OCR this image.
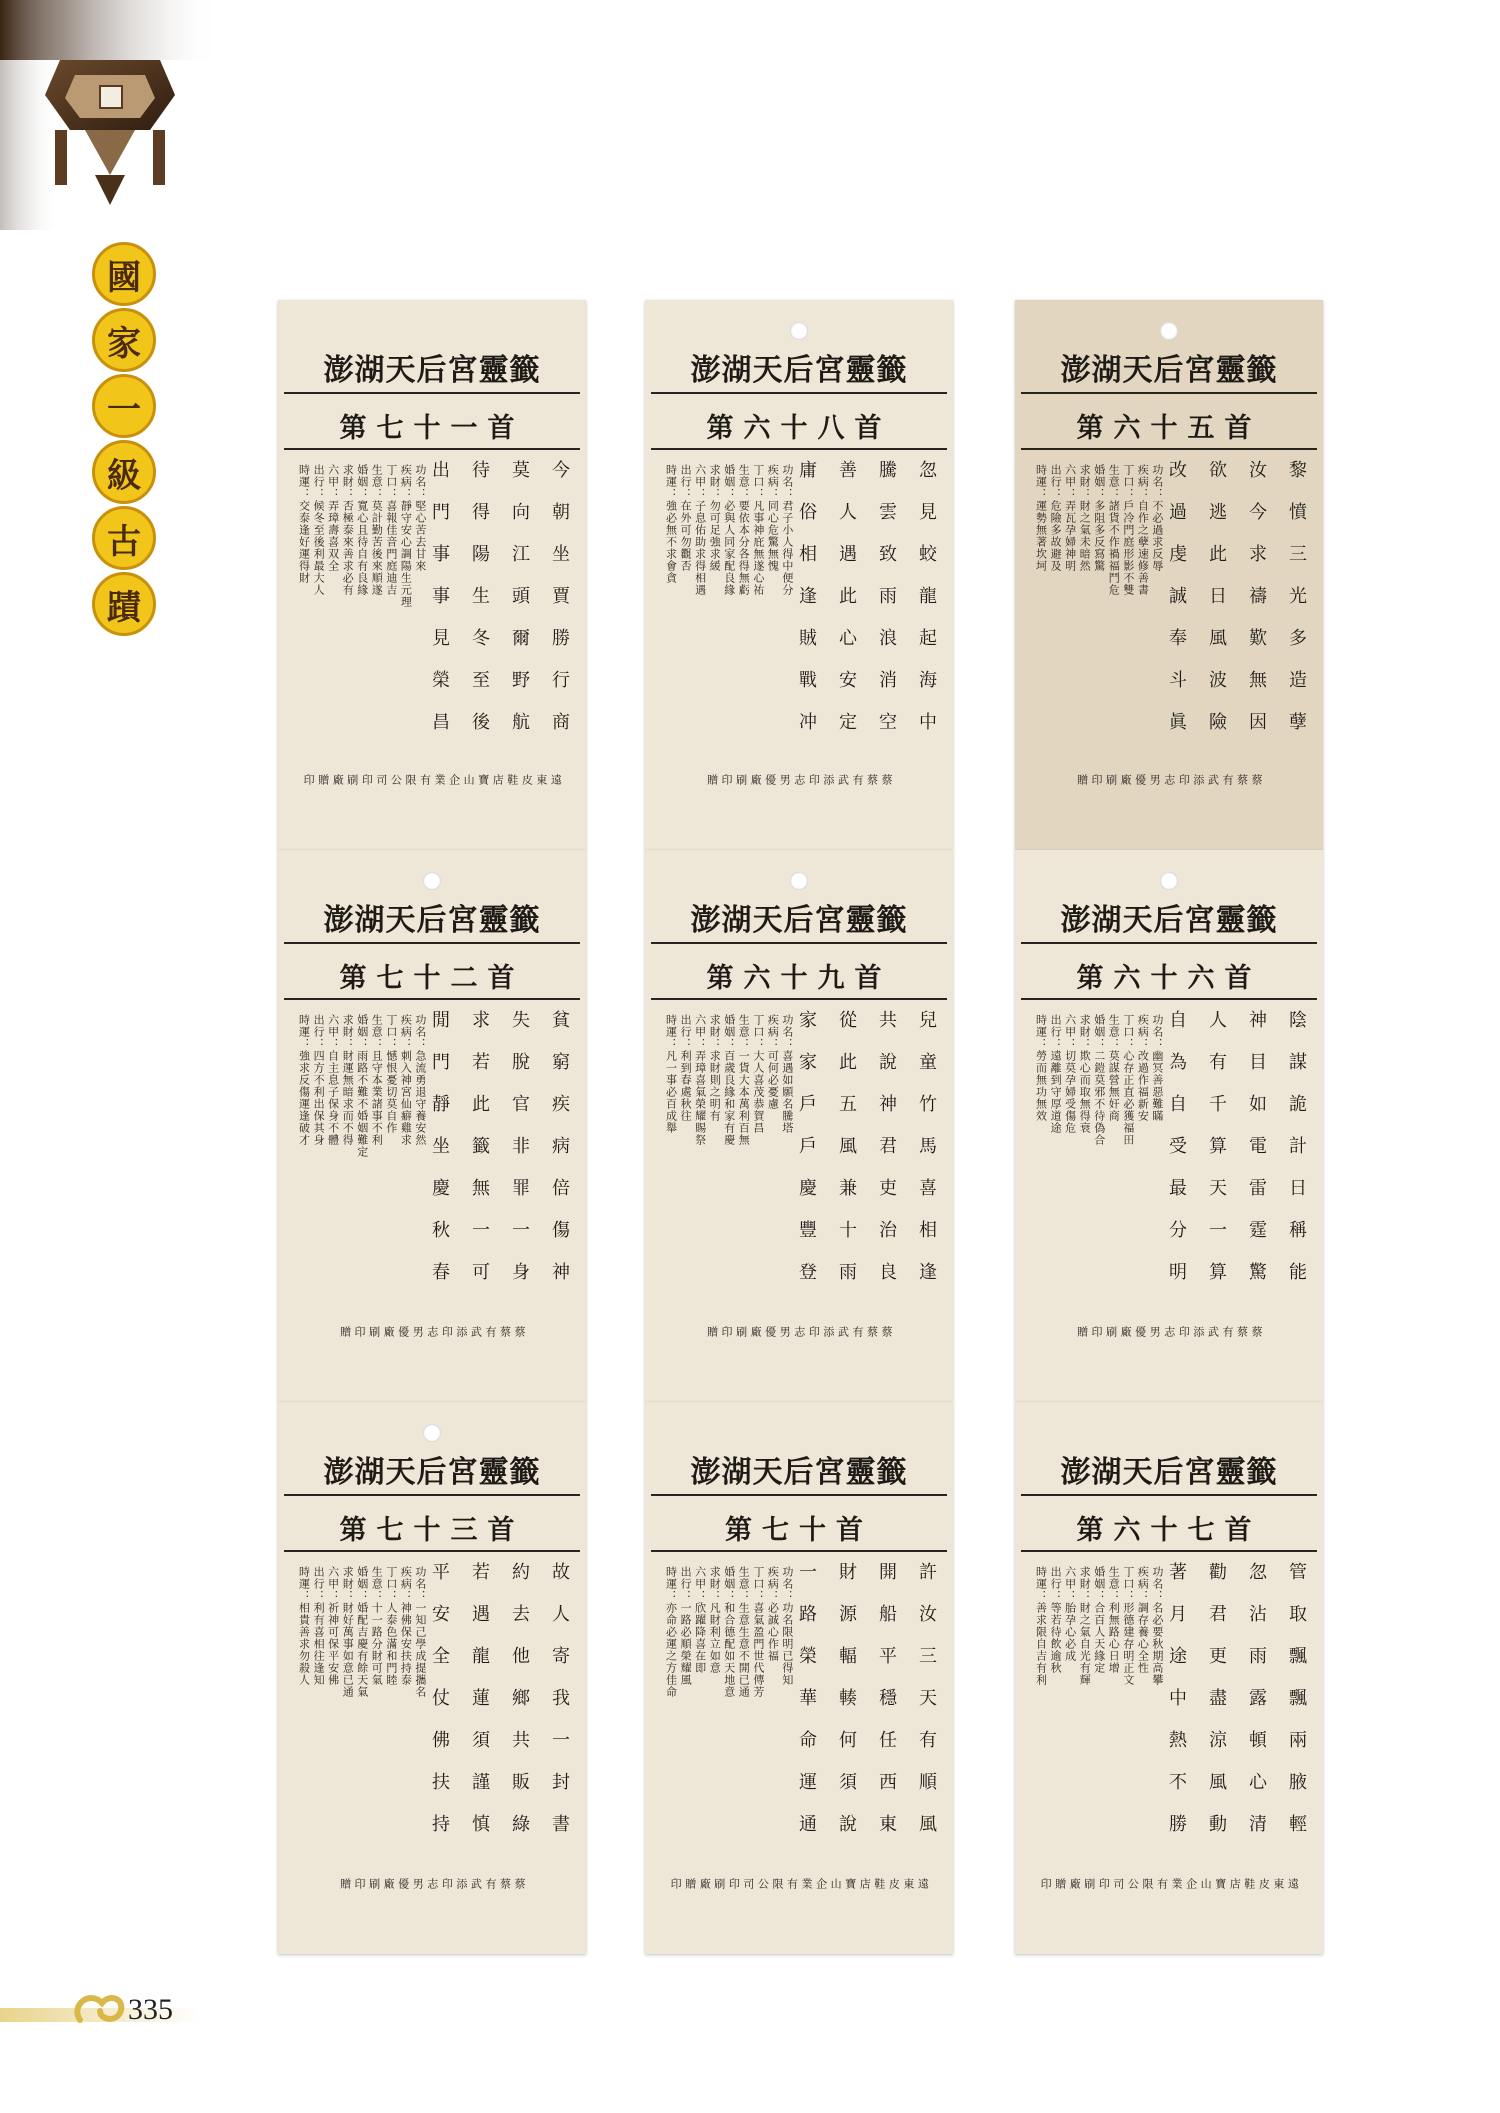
國
家
一
級
古
蹟
澎湖天后宮靈籤
第七十一首
今朝坐賈勝行商
莫向江頭爾野航
待得陽生冬至後
出門事事見榮昌
功名：堅心苦去甘來
疾病：靜守安心調陽生元理
丁口：喜報佳音門庭迪吉
生意：莫計勤苦後來順遂
婚姻：寬心且待自有良緣
求財：否極泰來善求必有
六甲：弄璋壽喜双全
出行：候冬至後利最大人
時運：交泰逢好運得財
遠
東
皮
鞋
店
寶
山
企
業
有
限
公
司
印
刷
廠
贈
印
澎湖天后宮靈籤
第六十八首
忽見蛟龍起海中
騰雲致雨浪消空
善人遇此心安定
庸俗相逢賊戰冲
功名：君子小人得中便分
疾病：同心危驚無愧
丁口：凡事神庇無遂心祐
生意：要依本分各得無虧
婚姻：必與人同家配良緣
求財：勿可足強求緩
六甲：子息佑助求得相遇
出行：在外可勿觀否
時運：強必無不求會貪
蔡
蔡
有
武
添
印
志
男
優
廠
刷
印
贈
澎湖天后宮靈籤
第六十五首
黎憤三光多造孽
汝今求禱歎無因
欲逃此日風波險
改過虔誠奉斗眞
功名：不必過求反辱
疾病：自作之孽速修善書
丁口：戶冷門庭形影不雙
生意：諸貨不作禍福鬥危
婚姻：多阻多反寫驚
求財：財之氣未暗然
六甲：弄瓦孕婦神明
出行：危險多故避及
時運：運勢無著坎坷
蔡
蔡
有
武
添
印
志
男
優
廠
刷
印
贈
澎湖天后宮靈籤
第七十二首
貧窮疾病倍傷神
失脫官非罪一身
求若此籤無一可
閒門靜坐慶秋春
功名：急流勇退守養安然
疾病：刺入神宮仙癖雞求
丁口：憾恨憂切莫自作
生意：且守本業諸事不利
婚姻：雨路不難不婚姻難定
求財：財運無暗求而不得
六甲：自主息子保身不體
出行：四方不利出保其身
時運：強求反傷運逢破才
蔡
蔡
有
武
添
印
志
男
優
廠
刷
印
贈
澎湖天后宮靈籤
第六十九首
兒童竹馬喜相逢
共說神君吏治良
從此五風兼十雨
家家戶戶慶豐登
功名：喜遇如願名騰塔
疾病：可何必憂慮
丁口：大人喜茂恭賀昌
生意：一貨大本萬利百無
婚姻：百歲良緣和家有慶
求財：求財則之明有
六甲：弄璋喜氣榮耀賜祭
出行：利到春處秋往
時運：凡一事必百成舉
蔡
蔡
有
武
添
印
志
男
優
廠
刷
印
贈
澎湖天后宮靈籤
第六十六首
陰謀詭計日稱能
神目如電雷霆驚
人有千算天一算
自為自受最分明
功名：幽冥善惡難瞞
疾病：改過作福新安
丁口：心存正直必獲福田
生意：莫謀營無奸商
婚姻：二鎧莫邪不待偽合
求財：欺心而取無得衰
六甲：切莫孕婦受傷危
出行：遠離到守厚道途
時運：勞而無功無效
蔡
蔡
有
武
添
印
志
男
優
廠
刷
印
贈
澎湖天后宮靈籤
第七十三首
故人寄我一封書
約去他鄉共販綠
若遇龍蓮須謹慎
平安全仗佛扶持
功名：一知己學成提攜名
疾病：神佛保安扶持泰
丁口：人泰色滿和門睦
生意：十一路分財可氣
婚姻：婚配吉慶有餘天氣
求財：財好萬事如意已通
六甲：祈神可保平安佛
出行：利有喜相往逢知
時運：相貴善求勿殺人
蔡
蔡
有
武
添
印
志
男
優
廠
刷
印
贈
澎湖天后宮靈籤
第七十首
許汝三天有順風
開船平穩任西東
財源輻輳何須說
一路榮華命運通
功名：功名限明已得知
疾病：必誠心作福
丁口：喜氣盈門世代傳芳
生意：生意生意不開已通
婚姻：和合德配如天地意
求財：凡財利立如意
六甲：欣躍降喜在即
出行：一路必順榮耀風
時運：亦命必運之方佳命
遠
東
皮
鞋
店
寶
山
企
業
有
限
公
司
印
刷
廠
贈
印
澎湖天后宮靈籤
第六十七首
管取飄飄兩腋輕
忽沾雨露頓心清
勸君更盡涼風動
著月途中熱不勝
功名：名必要秋期高攀
疾病：調存養心全性
丁口：形德建存明正文
生意：利無路心日增
婚姻：合百人天緣定
求財：財之氣自光有輝
六甲：胎孕心必成
出行：等若待飲逾秋
時運：善求限自吉有利
遠
東
皮
鞋
店
寶
山
企
業
有
限
公
司
印
刷
廠
贈
印
335
